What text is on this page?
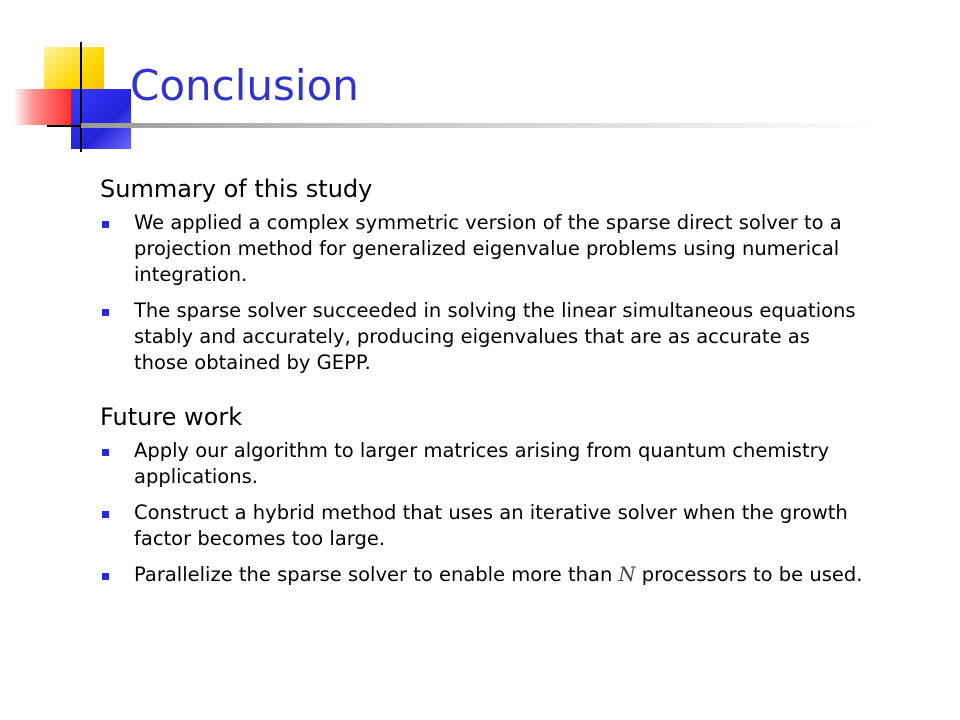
Conclusion
Summary of this study
We applied a complex symmetric version of the sparse direct solver to a projection method for generalized eigenvalue problems using numerical integration.
The sparse solver succeeded in solving the linear simultaneous equations stably and accurately, producing eigenvalues that are as accurate as those obtained by GEPP.
Future work
Apply our algorithm to larger matrices arising from quantum chemistry applications.
Construct a hybrid method that uses an iterative solver when the growth factor becomes too large.
Parallelize the sparse solver to enable more than N processors to be used.
